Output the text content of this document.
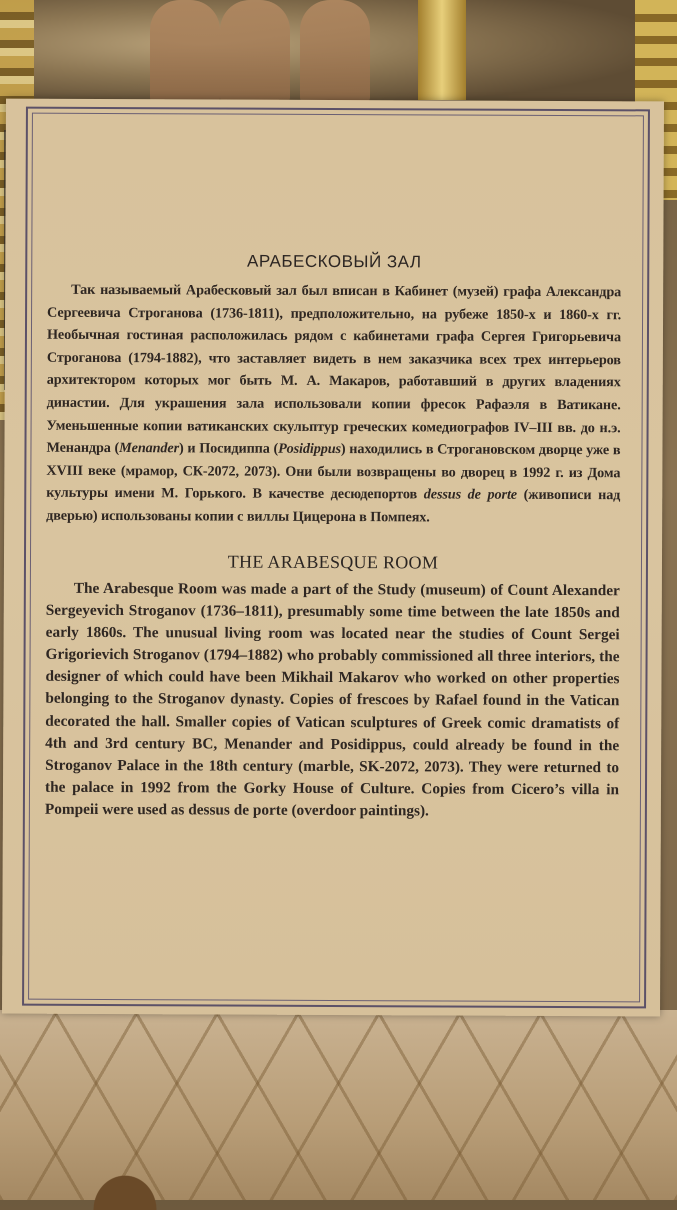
АРАБЕСКОВЫЙ ЗАЛ
Так называемый Арабесковый зал был вписан в Кабинет (музей) графа Александра Сергеевича Строганова (1736-1811), предположительно, на рубеже 1850-х и 1860-х гг. Необычная гостиная расположилась рядом с кабинетами графа Сергея Григорьевича Строганова (1794-1882), что заставляет видеть в нем заказчика всех трех интерьеров архитектором которых мог быть М. А. Макаров, работавший в других владениях династии. Для украшения зала использовали копии фресок Рафаэля в Ватикане. Уменьшенные копии ватиканских скульптур греческих комедиографов IV–III вв. до н.э. Менандра (Menander) и Посидиппа (Posidippus) находились в Строгановском дворце уже в XVIII веке (мрамор, СК-2072, 2073). Они были возвращены во дворец в 1992 г. из Дома культуры имени М. Горького. В качестве десюдепортов dessus de porte (живописи над дверью) использованы копии с виллы Цицерона в Помпеях.
THE ARABESQUE ROOM
The Arabesque Room was made a part of the Study (museum) of Count Alexander Sergeyevich Stroganov (1736–1811), presumably some time between the late 1850s and early 1860s. The unusual living room was located near the studies of Count Sergei Grigorievich Stroganov (1794–1882) who probably commissioned all three interiors, the designer of which could have been Mikhail Makarov who worked on other properties belonging to the Stroganov dynasty. Copies of frescoes by Rafael found in the Vatican decorated the hall. Smaller copies of Vatican sculptures of Greek comic dramatists of 4th and 3rd century BC, Menander and Posidippus, could already be found in the Stroganov Palace in the 18th century (marble, SK-2072, 2073). They were returned to the palace in 1992 from the Gorky House of Culture. Copies from Cicero’s villa in Pompeii were used as dessus de porte (overdoor paintings).
